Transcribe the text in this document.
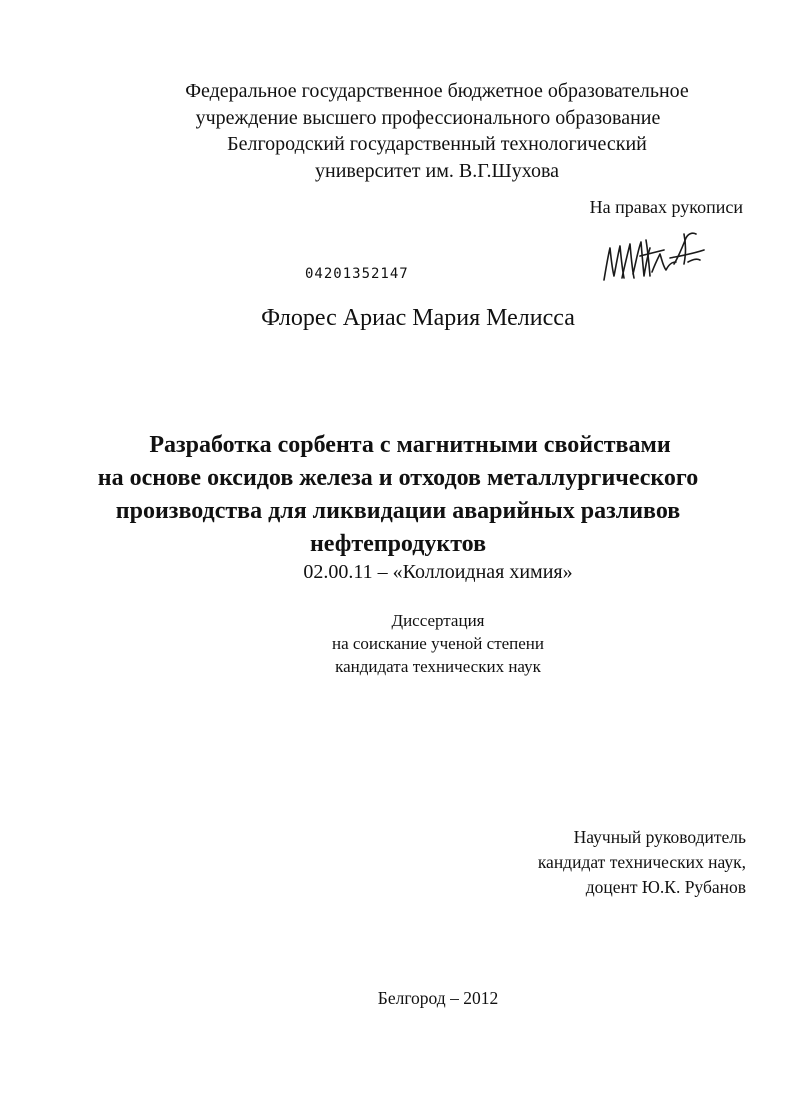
Федеральное государственное бюджетное образовательное
учреждение высшего профессионального образование
Белгородский государственный технологический
университет им. В.Г.Шухова
На правах рукописи
04201352147
Флорес Ариас Мария Мелисса
Разработка сорбента с магнитными свойствами
на основе оксидов железа и отходов металлургического
производства для ликвидации аварийных разливов
нефтепродуктов
02.00.11 – «Коллоидная химия»
Диссертация
на соискание ученой степени
кандидата технических наук
Научный руководитель
кандидат технических наук,
доцент Ю.К. Рубанов
Белгород – 2012
